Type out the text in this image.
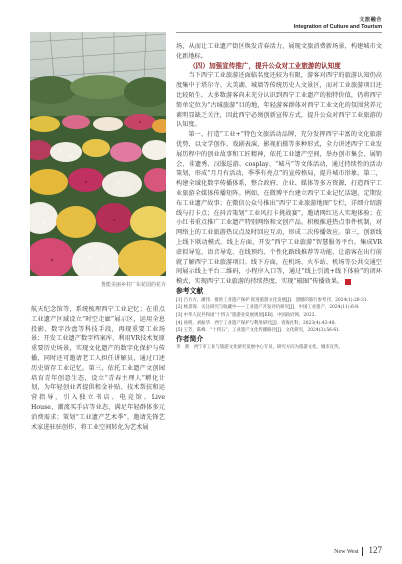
文旅融合
Integration of Culture and Tourism
鲁能美丽乡村广东花园的花卉

航天纪念馆等，系统梳理西宁工业记忆；在重点工业遗产区域设立“时空走廊”展示区，运用全息投影、数字沙盘等科技手段，再现重要工业场景；开发工业遗产数字档案库，利用VR技术复原重要历史场景，实现文化遗产的数字化保护与传播，同时还可邀请老工人担任讲解员，通过口述历史留存工业记忆。第三，依托工业遗产文创园培育青年创意生态，设立“青春主理人”孵化计划，为年轻创业者提供租金补贴、技术帮扶和运营指导，引入独立书店、电竞馆、Live House、潮流买手店等业态，满足年轻群体多元消费需求；策划“工业遗产艺术季”，邀请先锋艺术家进驻驻创作，将工业空间转化为艺术展

场，从而让工业遗产街区焕发青春活力，展现文旅消费新场景，构建城市文化新地标。

（四）加强宣传推广，提升公众对工业旅游的认知度

当下西宁工业旅游还面临名度还较为有限，游客对西宁的旅游认知仍高度集中于塔尔寺、大美湖、城墙等传统历史人文景区，而对工业旅游项目还比较陌生。大多数游客尚未充分认识到西宁工业遗产的独特价值，仍将西宁简单定位为“古城旅游”目的地，年轻游客群体对西宁工业文化的氛围营养元素明显缺乏关注，因此西宁必须创新宣传方式，提升公众对西宁工业旅游的认知度。

第一，打造“工业+”特色文旅活动品牌，充分发挥西宁丰富的文化旅游优势，以文学创作、戏剧表演、影视拍摄等多种形式，全力讲述西宁工业发展历程中的创业故事和工匠精神，依托工业遗产空间，举办创市集会、展销会、非遗秀、汉服巡游、cosplay、“城马”等文体活动，通过持续性的活动策划，形成“月月有活动，季季有亮点”的宣传格局，提升城市形象。第二，构建全域化数字传播体系，整合政府、企业、媒体等多方资源，打造西宁工业旅游全媒体传播矩阵。例如，在微博平台建立西宁工业记忆话题，定期发布工业遗产故事；在微信公众号推出“西宁工业旅游地图”专栏，详细介绍游线与打卡点；在抖音策划“工业风打卡挑战赛”，邀请网红达人实地体验；在小红书重点推广工业遗产特别网络和文创产品。积极推进热点事件机制，对网络上的工业旅游热议点及时回应互动，形成二次传播效应。第三，创新线上线下联动模式。线上方面，开发“西宁工业旅游”智慧服务平台，集成VR虚拟导览、语音导览、在线预约、个性化路线推荐等功能，让游客在出行前就了解西宁工业旅游项目。线下方面，在机场、火车站、机场等公共交通空间展示线上平台二维码，小程序入口等，通过“线上引流+线下体验”的闭环模式，实现西宁工业旅游的持续热度，实现“破圈”传播效果。

参考文献

[1] 吕方方，潘伟．推进工业遗产保护 促进旅游文化发展[J]．遗憾的旅行参考刊，2024(1):28-31.
[2] 杨景琛．关注研究与收藏中——工业遗产开发评价研究[J]．中国工业遗产，2024(11):6-8.
[3] 中华人民共和国“十四五”旅游业发展规划[EB]．中国政府网，2022.
[4] 孙明，刘振华．西宁工业遗产保护与利用研究[J]．青海社科，2023(4):43-48.
[5] 王芳，陈峰．“十四五”，工业遗产文化传播路径[J]．文化研究，2024(3):56-61.

作者简介

李　蕾　西宁市工业与旅游文化研究发展中心专员，研究方向为旅游文化、城市宣传。

New West 127
